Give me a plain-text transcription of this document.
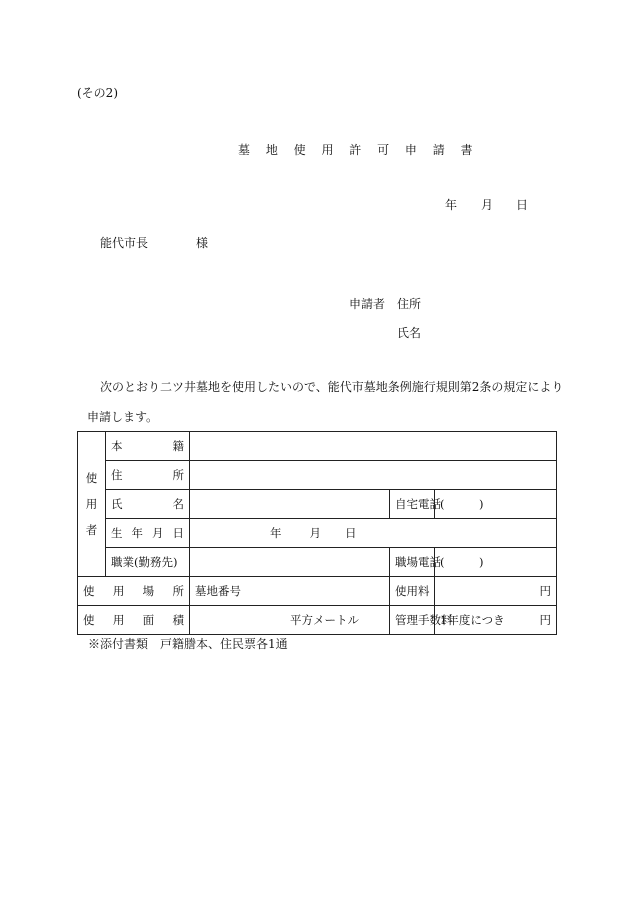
(その2)
墓 地 使 用 許 可 申 請 書
年 月 日
能代市長	様
申請者 住所
氏名
次のとおり二ツ井墓地を使用したいので、能代市墓地条例施行規則第2条の規定により
申請します。
使
用
者	本籍			
	住所			
	氏名		自宅電話	(　　　)
	生年月日	年 月 日		
	職業(勤務先)		職場電話	(　　　)
使用場所		墓地番号	使用料	円
使用面積		平方メートル	管理手数料	1年度につき 円
※添付書類　戸籍謄本、住民票各1通
